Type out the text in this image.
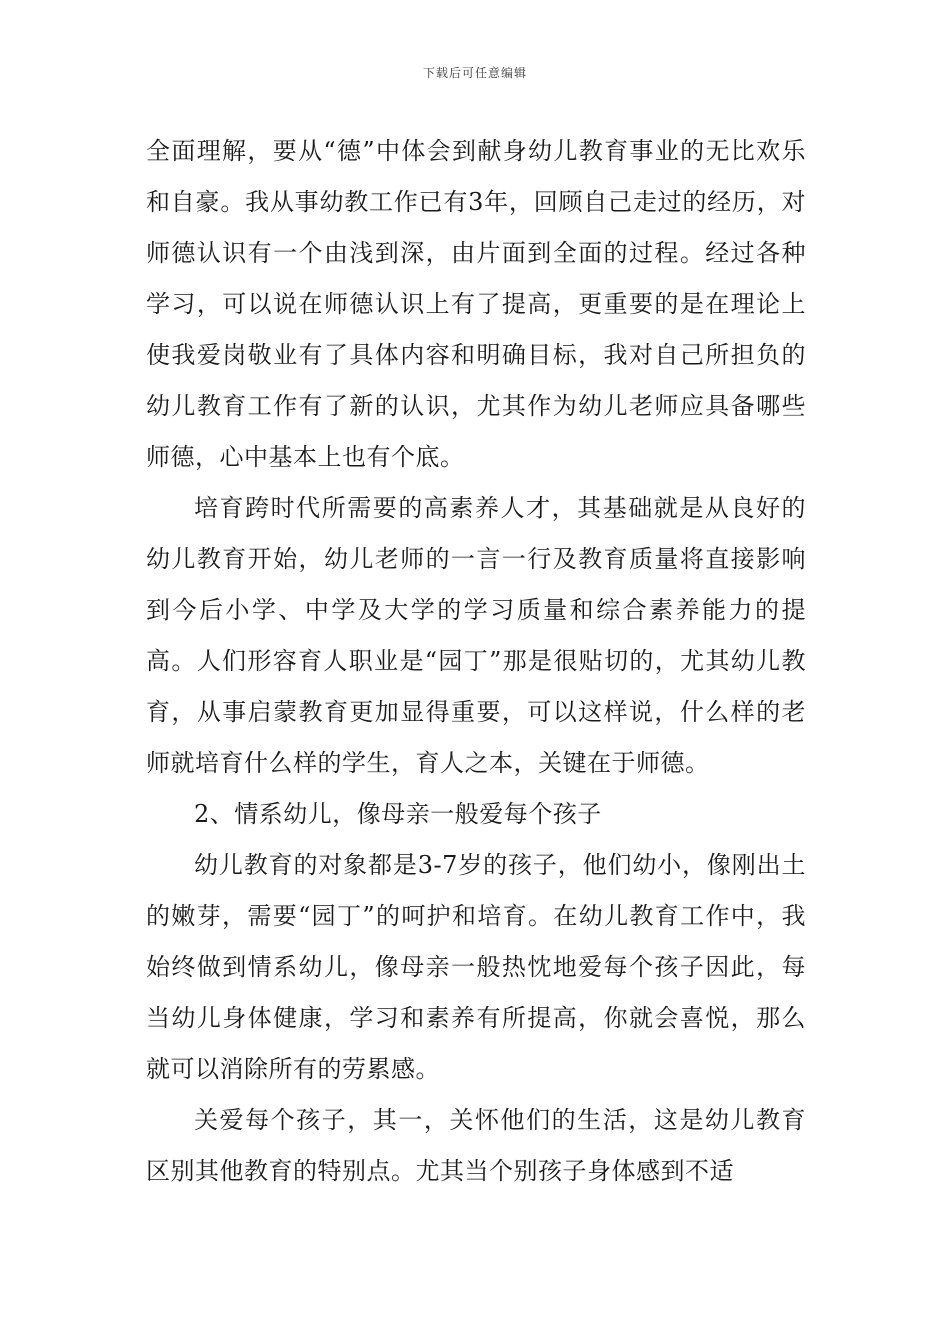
下载后可任意编辑

全面理解，要从“德”中体会到献身幼儿教育事业的无比欢乐和自豪。我从事幼教工作已有3年，回顾自己走过的经历，对师德认识有一个由浅到深，由片面到全面的过程。经过各种学习，可以说在师德认识上有了提高，更重要的是在理论上使我爱岗敬业有了具体内容和明确目标，我对自己所担负的幼儿教育工作有了新的认识，尤其作为幼儿老师应具备哪些师德，心中基本上也有个底。

培育跨时代所需要的高素养人才，其基础就是从良好的幼儿教育开始，幼儿老师的一言一行及教育质量将直接影响到今后小学、中学及大学的学习质量和综合素养能力的提高。人们形容育人职业是“园丁”那是很贴切的，尤其幼儿教育，从事启蒙教育更加显得重要，可以这样说，什么样的老师就培育什么样的学生，育人之本，关键在于师德。

2、情系幼儿，像母亲一般爱每个孩子

幼儿教育的对象都是3-7岁的孩子，他们幼小，像刚出土的嫩芽，需要“园丁”的呵护和培育。在幼儿教育工作中，我始终做到情系幼儿，像母亲一般热忱地爱每个孩子因此，每当幼儿身体健康，学习和素养有所提高，你就会喜悦，那么就可以消除所有的劳累感。

关爱每个孩子，其一，关怀他们的生活，这是幼儿教育区别其他教育的特别点。尤其当个别孩子身体感到不适
